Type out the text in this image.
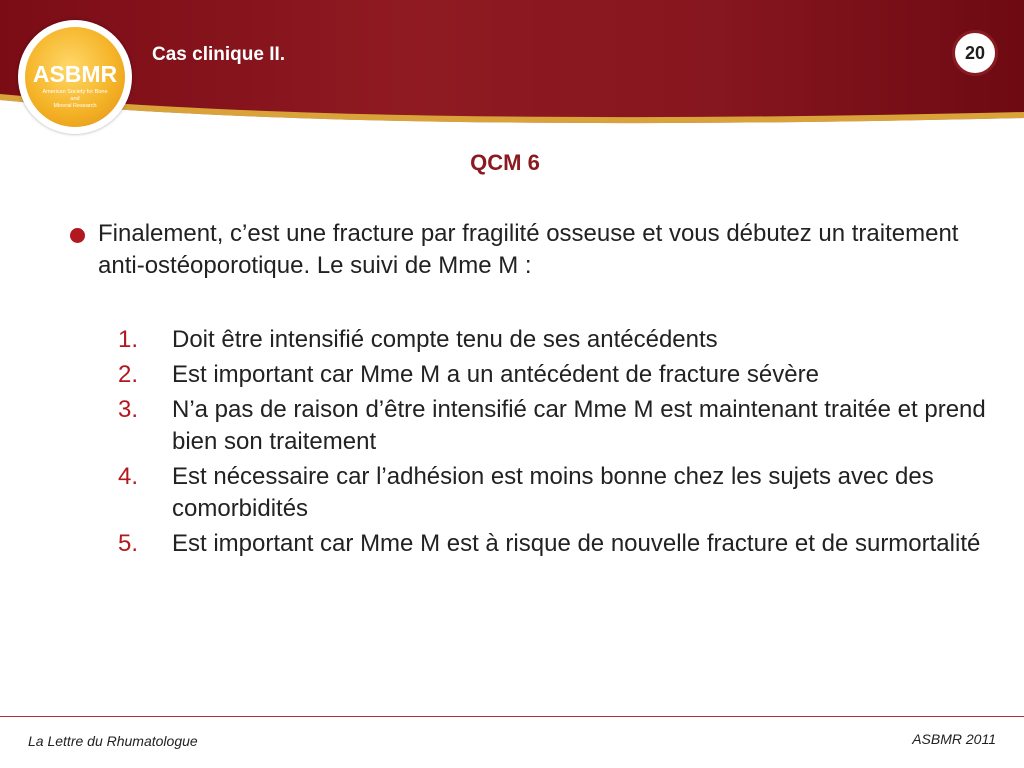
ASBMR
American Society for Bone
and
Mineral Research
Cas clinique II.	20
QCM 6
Finalement, c’est une fracture par fragilité osseuse et vous débutez un traitement anti-ostéoporotique. Le suivi de Mme M :
1.	Doit être intensifié compte tenu de ses antécédents
2.	Est important car Mme M a un antécédent de fracture sévère
3.	N’a pas de raison d’être intensifié car Mme M est maintenant traitée et prend bien son traitement
4.	Est nécessaire car l’adhésion est moins bonne chez les sujets avec des comorbidités
5.	Est important car Mme M est à risque de nouvelle fracture et de surmortalité
La Lettre du Rhumatologue	ASBMR 2011
